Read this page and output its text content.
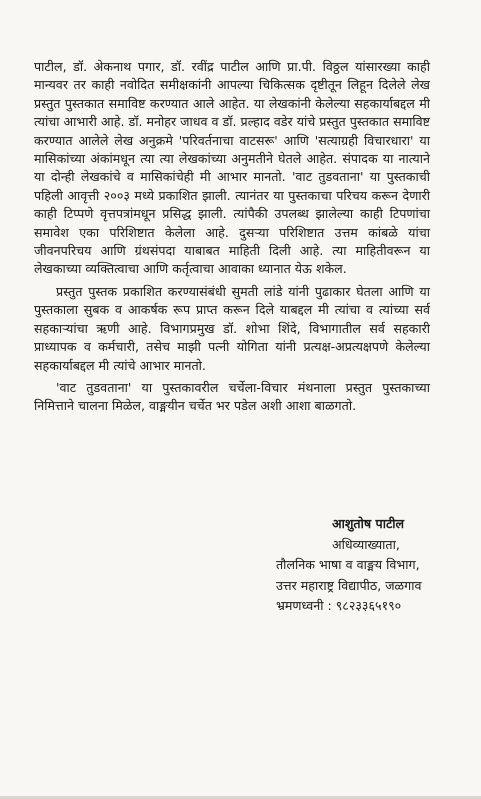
पाटील, डॉ. अेकनाथ पगार, डॉ. रवींद्र पाटील आणि प्रा.पी. विठ्ठल यांसारख्या काही मान्यवर तर काही नवोदित समीक्षकांनी आपल्या चिकित्सक दृष्टीतून लिहून दिलेले लेख प्रस्तुत पुस्तकात समाविष्ट करण्यात आले आहेत. या लेखकांनी केलेल्या सहकार्याबद्दल मी त्यांचा आभारी आहे. डॉ. मनोहर जाधव व डॉ. प्रल्हाद वडेर यांचे प्रस्तुत पुस्तकात समाविष्ट करण्यात आलेले लेख अनुक्रमे 'परिवर्तनाचा वाटसरू' आणि 'सत्याग्रही विचारधारा' या मासिकांच्या अंकांमधून त्या त्या लेखकांच्या अनुमतीने घेतले आहेत. संपादक या नात्याने या दोन्ही लेखकांचे व मासिकांचेही मी आभार मानतो. 'वाट तुडवताना' या पुस्तकाची पहिली आवृत्ती २००३ मध्ये प्रकाशित झाली. त्यानंतर या पुस्तकाचा परिचय करून देणारी काही टिप्पणे वृत्तपत्रांमधून प्रसिद्ध झाली. त्यांपैकी उपलब्ध झालेल्या काही टिपणांचा समावेश एका परिशिष्टात केलेला आहे. दुसऱ्या परिशिष्टात उत्तम कांबळे यांचा जीवनपरिचय आणि ग्रंथसंपदा याबाबत माहिती दिली आहे. त्या माहितीवरून या लेखकाच्या व्यक्तित्वाचा आणि कर्तृत्वाचा आवाका ध्यानात येऊ शकेल.

प्रस्तुत पुस्तक प्रकाशित करण्यासंबंधी सुमती लांडे यांनी पुढाकार घेतला आणि या पुस्तकाला सुबक व आकर्षक रूप प्राप्त करून दिले याबद्दल मी त्यांचा व त्यांच्या सर्व सहकाऱ्यांचा ऋणी आहे. विभागप्रमुख डॉ. शोभा शिंदे, विभागातील सर्व सहकारी प्राध्यापक व कर्मचारी, तसेच माझी पत्नी योगिता यांनी प्रत्यक्ष-अप्रत्यक्षपणे केलेल्या सहकार्याबद्दल मी त्यांचे आभार मानतो.

'वाट तुडवताना' या पुस्तकावरील चर्चेला-विचार मंथनाला प्रस्तुत पुस्तकाच्या निमित्ताने चालना मिळेल, वाङ्मयीन चर्चेत भर पडेल अशी आशा बाळगतो.

आशुतोष पाटील
अधिव्याख्याता,
तौलनिक भाषा व वाङ्मय विभाग,
उत्तर महाराष्ट्र विद्यापीठ, जळगाव
भ्रमणध्वनी : ९८२३३६५१९०
